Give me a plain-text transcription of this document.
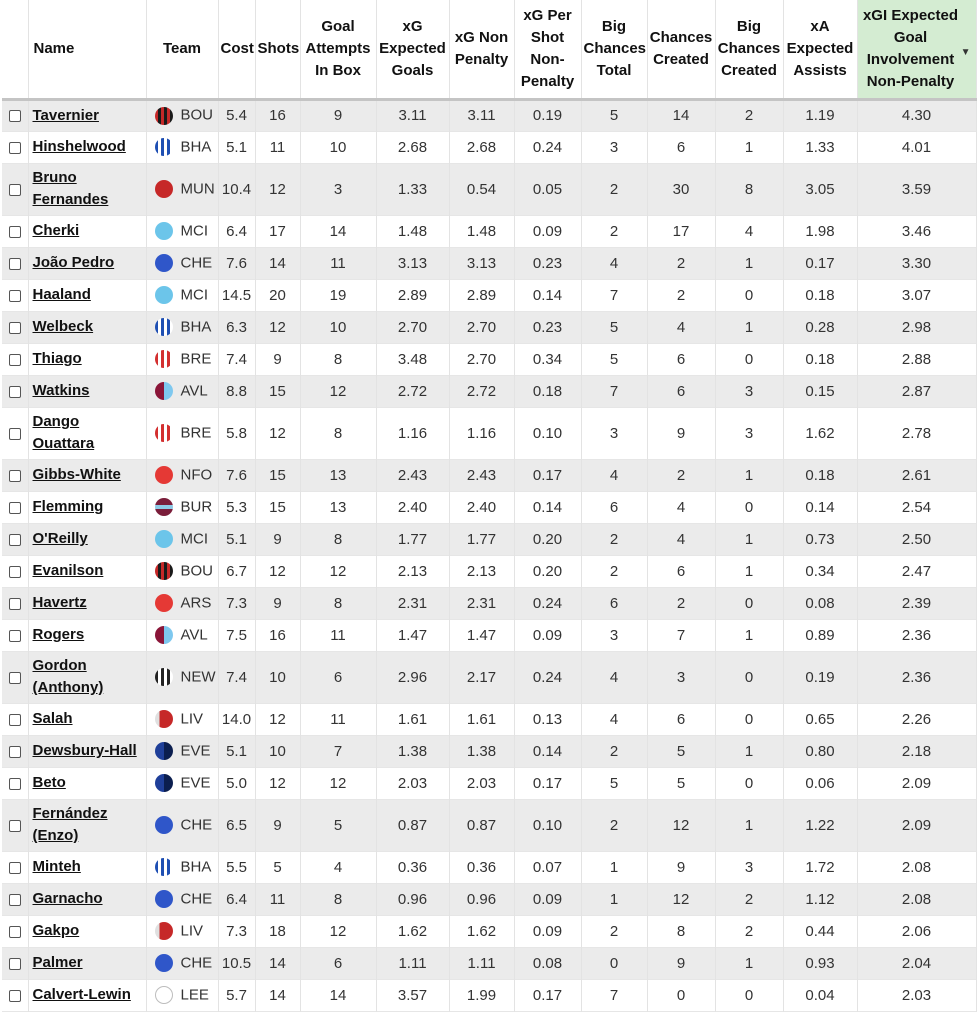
	Name	Team	Cost	Shots	Goal Attempts In Box	xG Expected Goals	xG Non Penalty	xG Per Shot Non-Penalty	Big Chances Total	Chances Created	Big Chances Created	xA Expected Assists	xGI Expected Goal Involvement Non-Penalty
▼

	Tavernier	BOU	5.4	16	9	3.11	3.11	0.19	5	14	2	1.19	4.30
	Hinshelwood	BHA	5.1	11	10	2.68	2.68	0.24	3	6	1	1.33	4.01
	Bruno Fernandes	MUN	10.4	12	3	1.33	0.54	0.05	2	30	8	3.05	3.59
	Cherki	MCI	6.4	17	14	1.48	1.48	0.09	2	17	4	1.98	3.46
	João Pedro	CHE	7.6	14	11	3.13	3.13	0.23	4	2	1	0.17	3.30
	Haaland	MCI	14.5	20	19	2.89	2.89	0.14	7	2	0	0.18	3.07
	Welbeck	BHA	6.3	12	10	2.70	2.70	0.23	5	4	1	0.28	2.98
	Thiago	BRE	7.4	9	8	3.48	2.70	0.34	5	6	0	0.18	2.88
	Watkins	AVL	8.8	15	12	2.72	2.72	0.18	7	6	3	0.15	2.87
	Dango Ouattara	BRE	5.8	12	8	1.16	1.16	0.10	3	9	3	1.62	2.78
	Gibbs-White	NFO	7.6	15	13	2.43	2.43	0.17	4	2	1	0.18	2.61
	Flemming	BUR	5.3	15	13	2.40	2.40	0.14	6	4	0	0.14	2.54
	O'Reilly	MCI	5.1	9	8	1.77	1.77	0.20	2	4	1	0.73	2.50
	Evanilson	BOU	6.7	12	12	2.13	2.13	0.20	2	6	1	0.34	2.47
	Havertz	ARS	7.3	9	8	2.31	2.31	0.24	6	2	0	0.08	2.39
	Rogers	AVL	7.5	16	11	1.47	1.47	0.09	3	7	1	0.89	2.36
	Gordon (Anthony)	NEW	7.4	10	6	2.96	2.17	0.24	4	3	0	0.19	2.36
	Salah	LIV	14.0	12	11	1.61	1.61	0.13	4	6	0	0.65	2.26
	Dewsbury-Hall	EVE	5.1	10	7	1.38	1.38	0.14	2	5	1	0.80	2.18
	Beto	EVE	5.0	12	12	2.03	2.03	0.17	5	5	0	0.06	2.09
	Fernández (Enzo)	CHE	6.5	9	5	0.87	0.87	0.10	2	12	1	1.22	2.09
	Minteh	BHA	5.5	5	4	0.36	0.36	0.07	1	9	3	1.72	2.08
	Garnacho	CHE	6.4	11	8	0.96	0.96	0.09	1	12	2	1.12	2.08
	Gakpo	LIV	7.3	18	12	1.62	1.62	0.09	2	8	2	0.44	2.06
	Palmer	CHE	10.5	14	6	1.11	1.11	0.08	0	9	1	0.93	2.04
	Calvert-Lewin	LEE	5.7	14	14	3.57	1.99	0.17	7	0	0	0.04	2.03
